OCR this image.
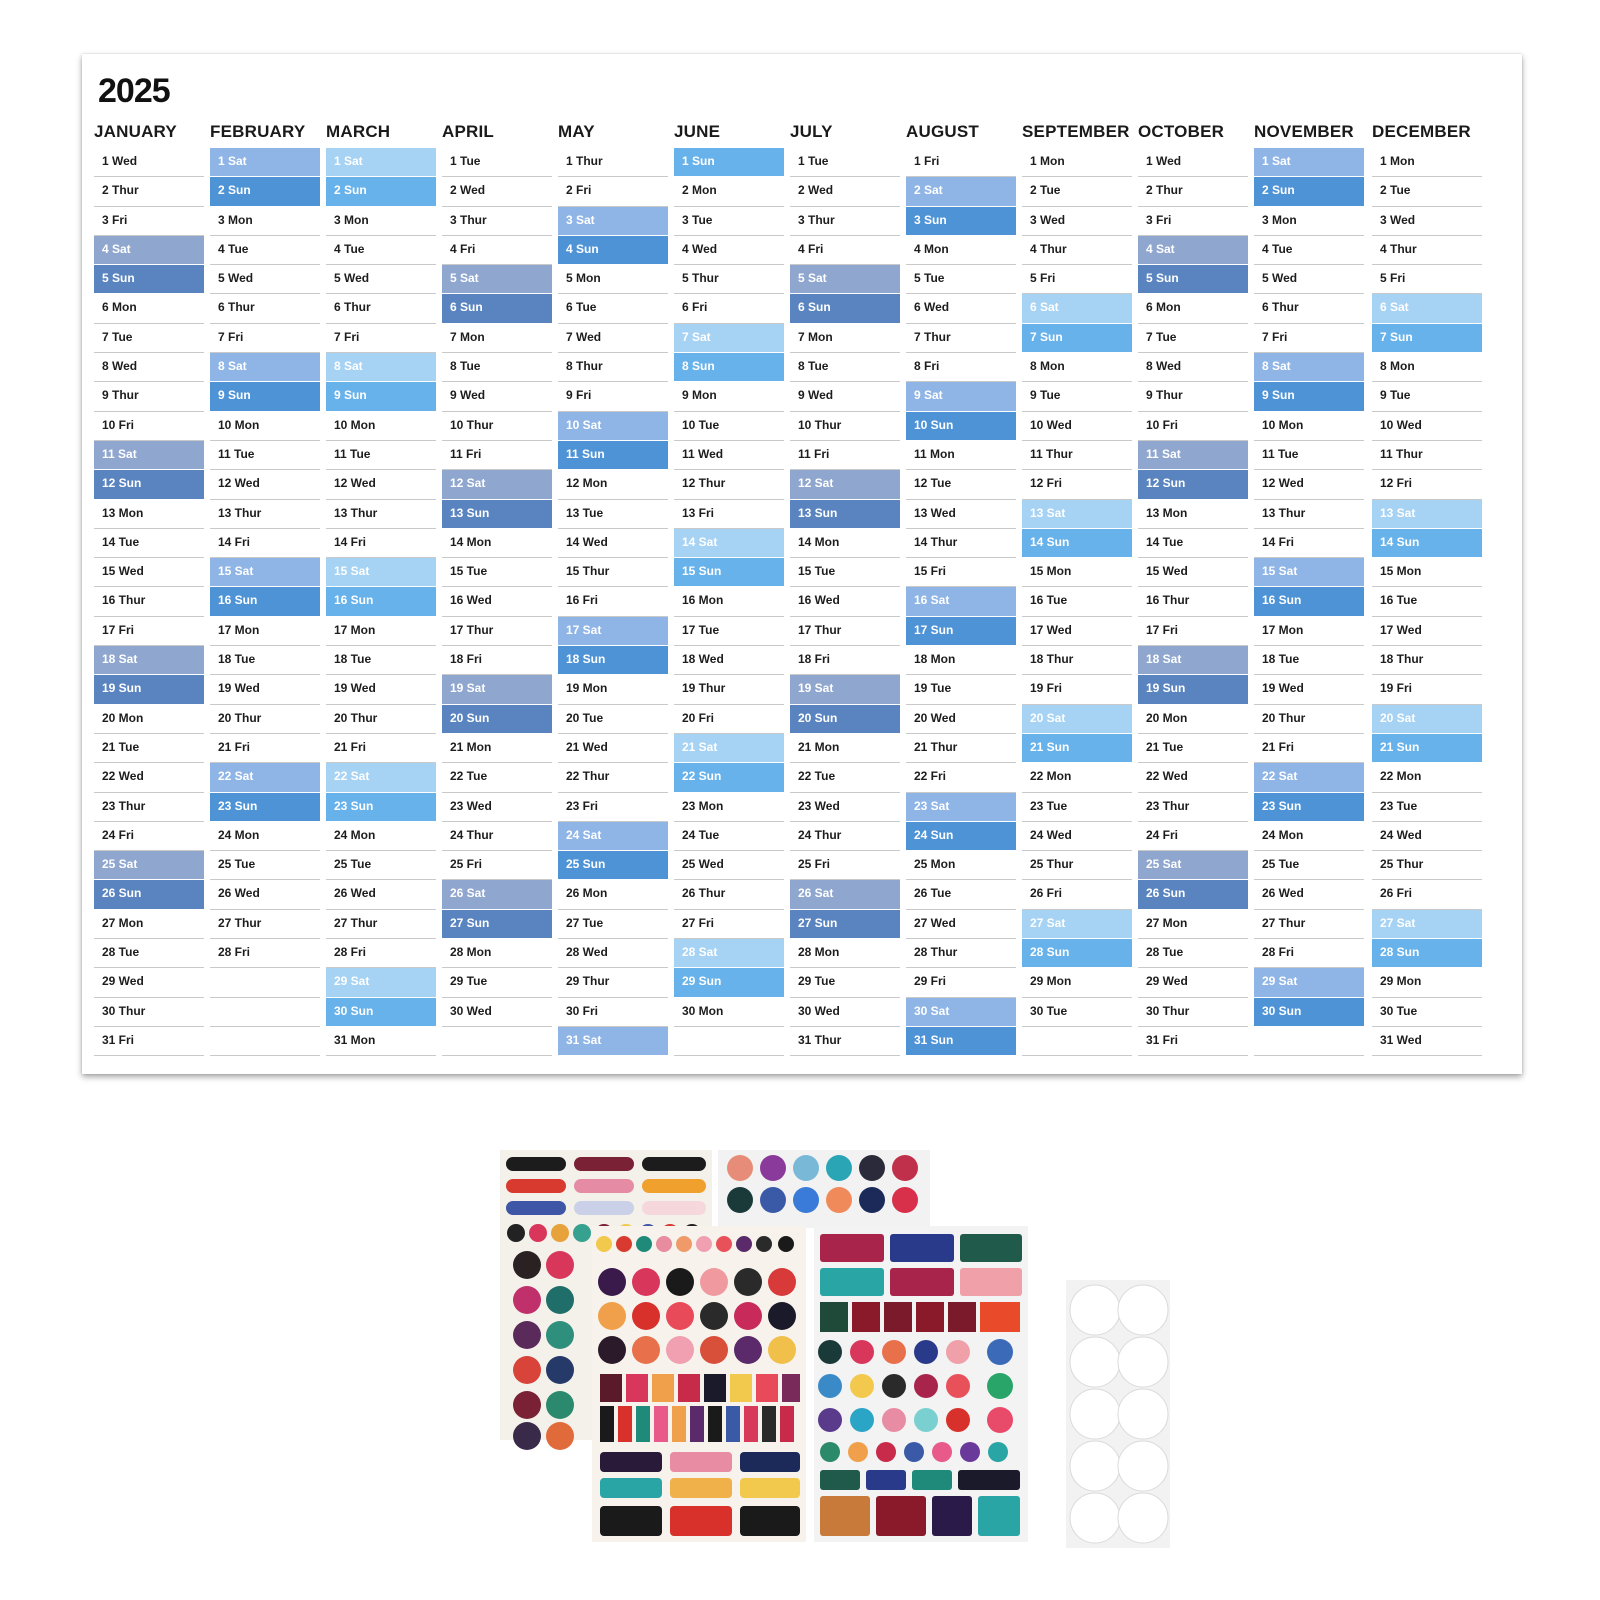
2025
JANUARY
1 Wed
2 Thur
3 Fri
4 Sat
5 Sun
6 Mon
7 Tue
8 Wed
9 Thur
10 Fri
11 Sat
12 Sun
13 Mon
14 Tue
15 Wed
16 Thur
17 Fri
18 Sat
19 Sun
20 Mon
21 Tue
22 Wed
23 Thur
24 Fri
25 Sat
26 Sun
27 Mon
28 Tue
29 Wed
30 Thur
31 Fri
FEBRUARY
1 Sat
2 Sun
3 Mon
4 Tue
5 Wed
6 Thur
7 Fri
8 Sat
9 Sun
10 Mon
11 Tue
12 Wed
13 Thur
14 Fri
15 Sat
16 Sun
17 Mon
18 Tue
19 Wed
20 Thur
21 Fri
22 Sat
23 Sun
24 Mon
25 Tue
26 Wed
27 Thur
28 Fri
MARCH
1 Sat
2 Sun
3 Mon
4 Tue
5 Wed
6 Thur
7 Fri
8 Sat
9 Sun
10 Mon
11 Tue
12 Wed
13 Thur
14 Fri
15 Sat
16 Sun
17 Mon
18 Tue
19 Wed
20 Thur
21 Fri
22 Sat
23 Sun
24 Mon
25 Tue
26 Wed
27 Thur
28 Fri
29 Sat
30 Sun
31 Mon
APRIL
1 Tue
2 Wed
3 Thur
4 Fri
5 Sat
6 Sun
7 Mon
8 Tue
9 Wed
10 Thur
11 Fri
12 Sat
13 Sun
14 Mon
15 Tue
16 Wed
17 Thur
18 Fri
19 Sat
20 Sun
21 Mon
22 Tue
23 Wed
24 Thur
25 Fri
26 Sat
27 Sun
28 Mon
29 Tue
30 Wed
MAY
1 Thur
2 Fri
3 Sat
4 Sun
5 Mon
6 Tue
7 Wed
8 Thur
9 Fri
10 Sat
11 Sun
12 Mon
13 Tue
14 Wed
15 Thur
16 Fri
17 Sat
18 Sun
19 Mon
20 Tue
21 Wed
22 Thur
23 Fri
24 Sat
25 Sun
26 Mon
27 Tue
28 Wed
29 Thur
30 Fri
31 Sat
JUNE
1 Sun
2 Mon
3 Tue
4 Wed
5 Thur
6 Fri
7 Sat
8 Sun
9 Mon
10 Tue
11 Wed
12 Thur
13 Fri
14 Sat
15 Sun
16 Mon
17 Tue
18 Wed
19 Thur
20 Fri
21 Sat
22 Sun
23 Mon
24 Tue
25 Wed
26 Thur
27 Fri
28 Sat
29 Sun
30 Mon
JULY
1 Tue
2 Wed
3 Thur
4 Fri
5 Sat
6 Sun
7 Mon
8 Tue
9 Wed
10 Thur
11 Fri
12 Sat
13 Sun
14 Mon
15 Tue
16 Wed
17 Thur
18 Fri
19 Sat
20 Sun
21 Mon
22 Tue
23 Wed
24 Thur
25 Fri
26 Sat
27 Sun
28 Mon
29 Tue
30 Wed
31 Thur
AUGUST
1 Fri
2 Sat
3 Sun
4 Mon
5 Tue
6 Wed
7 Thur
8 Fri
9 Sat
10 Sun
11 Mon
12 Tue
13 Wed
14 Thur
15 Fri
16 Sat
17 Sun
18 Mon
19 Tue
20 Wed
21 Thur
22 Fri
23 Sat
24 Sun
25 Mon
26 Tue
27 Wed
28 Thur
29 Fri
30 Sat
31 Sun
SEPTEMBER
1 Mon
2 Tue
3 Wed
4 Thur
5 Fri
6 Sat
7 Sun
8 Mon
9 Tue
10 Wed
11 Thur
12 Fri
13 Sat
14 Sun
15 Mon
16 Tue
17 Wed
18 Thur
19 Fri
20 Sat
21 Sun
22 Mon
23 Tue
24 Wed
25 Thur
26 Fri
27 Sat
28 Sun
29 Mon
30 Tue
OCTOBER
1 Wed
2 Thur
3 Fri
4 Sat
5 Sun
6 Mon
7 Tue
8 Wed
9 Thur
10 Fri
11 Sat
12 Sun
13 Mon
14 Tue
15 Wed
16 Thur
17 Fri
18 Sat
19 Sun
20 Mon
21 Tue
22 Wed
23 Thur
24 Fri
25 Sat
26 Sun
27 Mon
28 Tue
29 Wed
30 Thur
31 Fri
NOVEMBER
1 Sat
2 Sun
3 Mon
4 Tue
5 Wed
6 Thur
7 Fri
8 Sat
9 Sun
10 Mon
11 Tue
12 Wed
13 Thur
14 Fri
15 Sat
16 Sun
17 Mon
18 Tue
19 Wed
20 Thur
21 Fri
22 Sat
23 Sun
24 Mon
25 Tue
26 Wed
27 Thur
28 Fri
29 Sat
30 Sun
DECEMBER
1 Mon
2 Tue
3 Wed
4 Thur
5 Fri
6 Sat
7 Sun
8 Mon
9 Tue
10 Wed
11 Thur
12 Fri
13 Sat
14 Sun
15 Mon
16 Tue
17 Wed
18 Thur
19 Fri
20 Sat
21 Sun
22 Mon
23 Tue
24 Wed
25 Thur
26 Fri
27 Sat
28 Sun
29 Mon
30 Tue
31 Wed
